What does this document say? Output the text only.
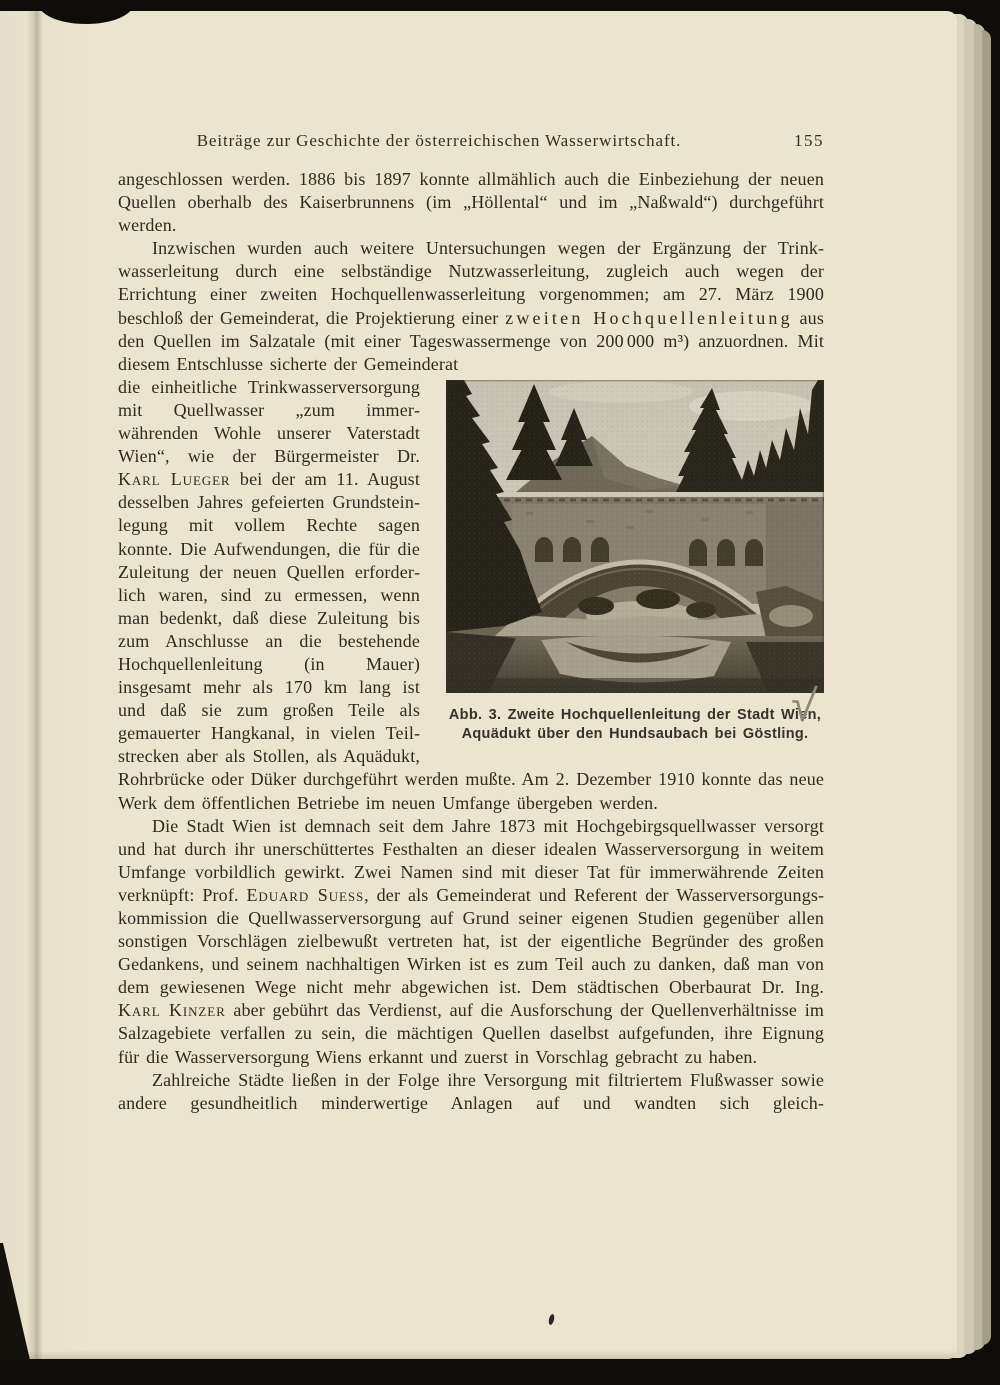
Beiträge zur Geschichte der österreichischen Wasserwirtschaft.	155

angeschlossen werden. 1886 bis 1897 konnte allmählich auch die Einbeziehung der neuen Quellen oberhalb des Kaiserbrunnens (im „Höllental“ und im „Naßwald“) durchgeführt werden.

Inzwischen wurden auch weitere Untersuchungen wegen der Ergänzung der Trinkwasserleitung durch eine selbständige Nutzwasserleitung, zugleich auch wegen der Errichtung einer zweiten Hochquellenwasserleitung vorgenommen; am 27. März 1900 beschloß der Gemeinderat, die Projektierung einer zweiten Hochquellenleitung aus den Quellen im Salzatale (mit einer Tageswassermenge von 200 000 m³) anzuordnen. Mit diesem Entschlusse sicherte der Gemeinderat

Abb. 3. Zweite Hochquellenleitung der Stadt Wien,
Aquädukt über den Hundsaubach bei Göstling.
die einheitliche Trinkwasserversorgung mit Quellwasser „zum immerwährenden Wohle unserer Vaterstadt Wien“, wie der Bürgermeister Dr. Karl Lueger bei der am 11. August desselben Jahres gefeierten Grundsteinlegung mit vollem Rechte sagen konnte. Die Aufwendungen, die für die Zuleitung der neuen Quellen erforderlich waren, sind zu ermessen, wenn man bedenkt, daß diese Zuleitung bis zum Anschlusse an die bestehende Hochquellenleitung (in Mauer) insgesamt mehr als 170 km lang ist und daß sie zum großen Teile als gemauerter Hangkanal, in vielen Teilstrecken aber als Stollen, als Aquädukt, Rohrbrücke oder Düker durchgeführt werden mußte. Am 2. Dezember 1910 konnte das neue Werk dem öffentlichen Betriebe im neuen Umfange übergeben werden.

Die Stadt Wien ist demnach seit dem Jahre 1873 mit Hochgebirgsquellwasser versorgt und hat durch ihr unerschüttertes Festhalten an dieser idealen Wasserversorgung in weitem Umfange vorbildlich gewirkt. Zwei Namen sind mit dieser Tat für immerwährende Zeiten verknüpft: Prof. Eduard Suess, der als Gemeinderat und Referent der Wasserversorgungskommission die Quellwasserversorgung auf Grund seiner eigenen Studien gegenüber allen sonstigen Vorschlägen zielbewußt vertreten hat, ist der eigentliche Begründer des großen Gedankens, und seinem nachhaltigen Wirken ist es zum Teil auch zu danken, daß man von dem gewiesenen Wege nicht mehr abgewichen ist. Dem städtischen Oberbaurat Dr. Ing. Karl Kinzer aber gebührt das Verdienst, auf die Ausforschung der Quellenverhältnisse im Salzagebiete verfallen zu sein, die mächtigen Quellen daselbst aufgefunden, ihre Eignung für die Wasserversorgung Wiens erkannt und zuerst in Vorschlag gebracht zu haben.

Zahlreiche Städte ließen in der Folge ihre Versorgung mit filtriertem Flußwasser sowie andere gesundheitlich minderwertige Anlagen auf und wandten sich gleich-

√
